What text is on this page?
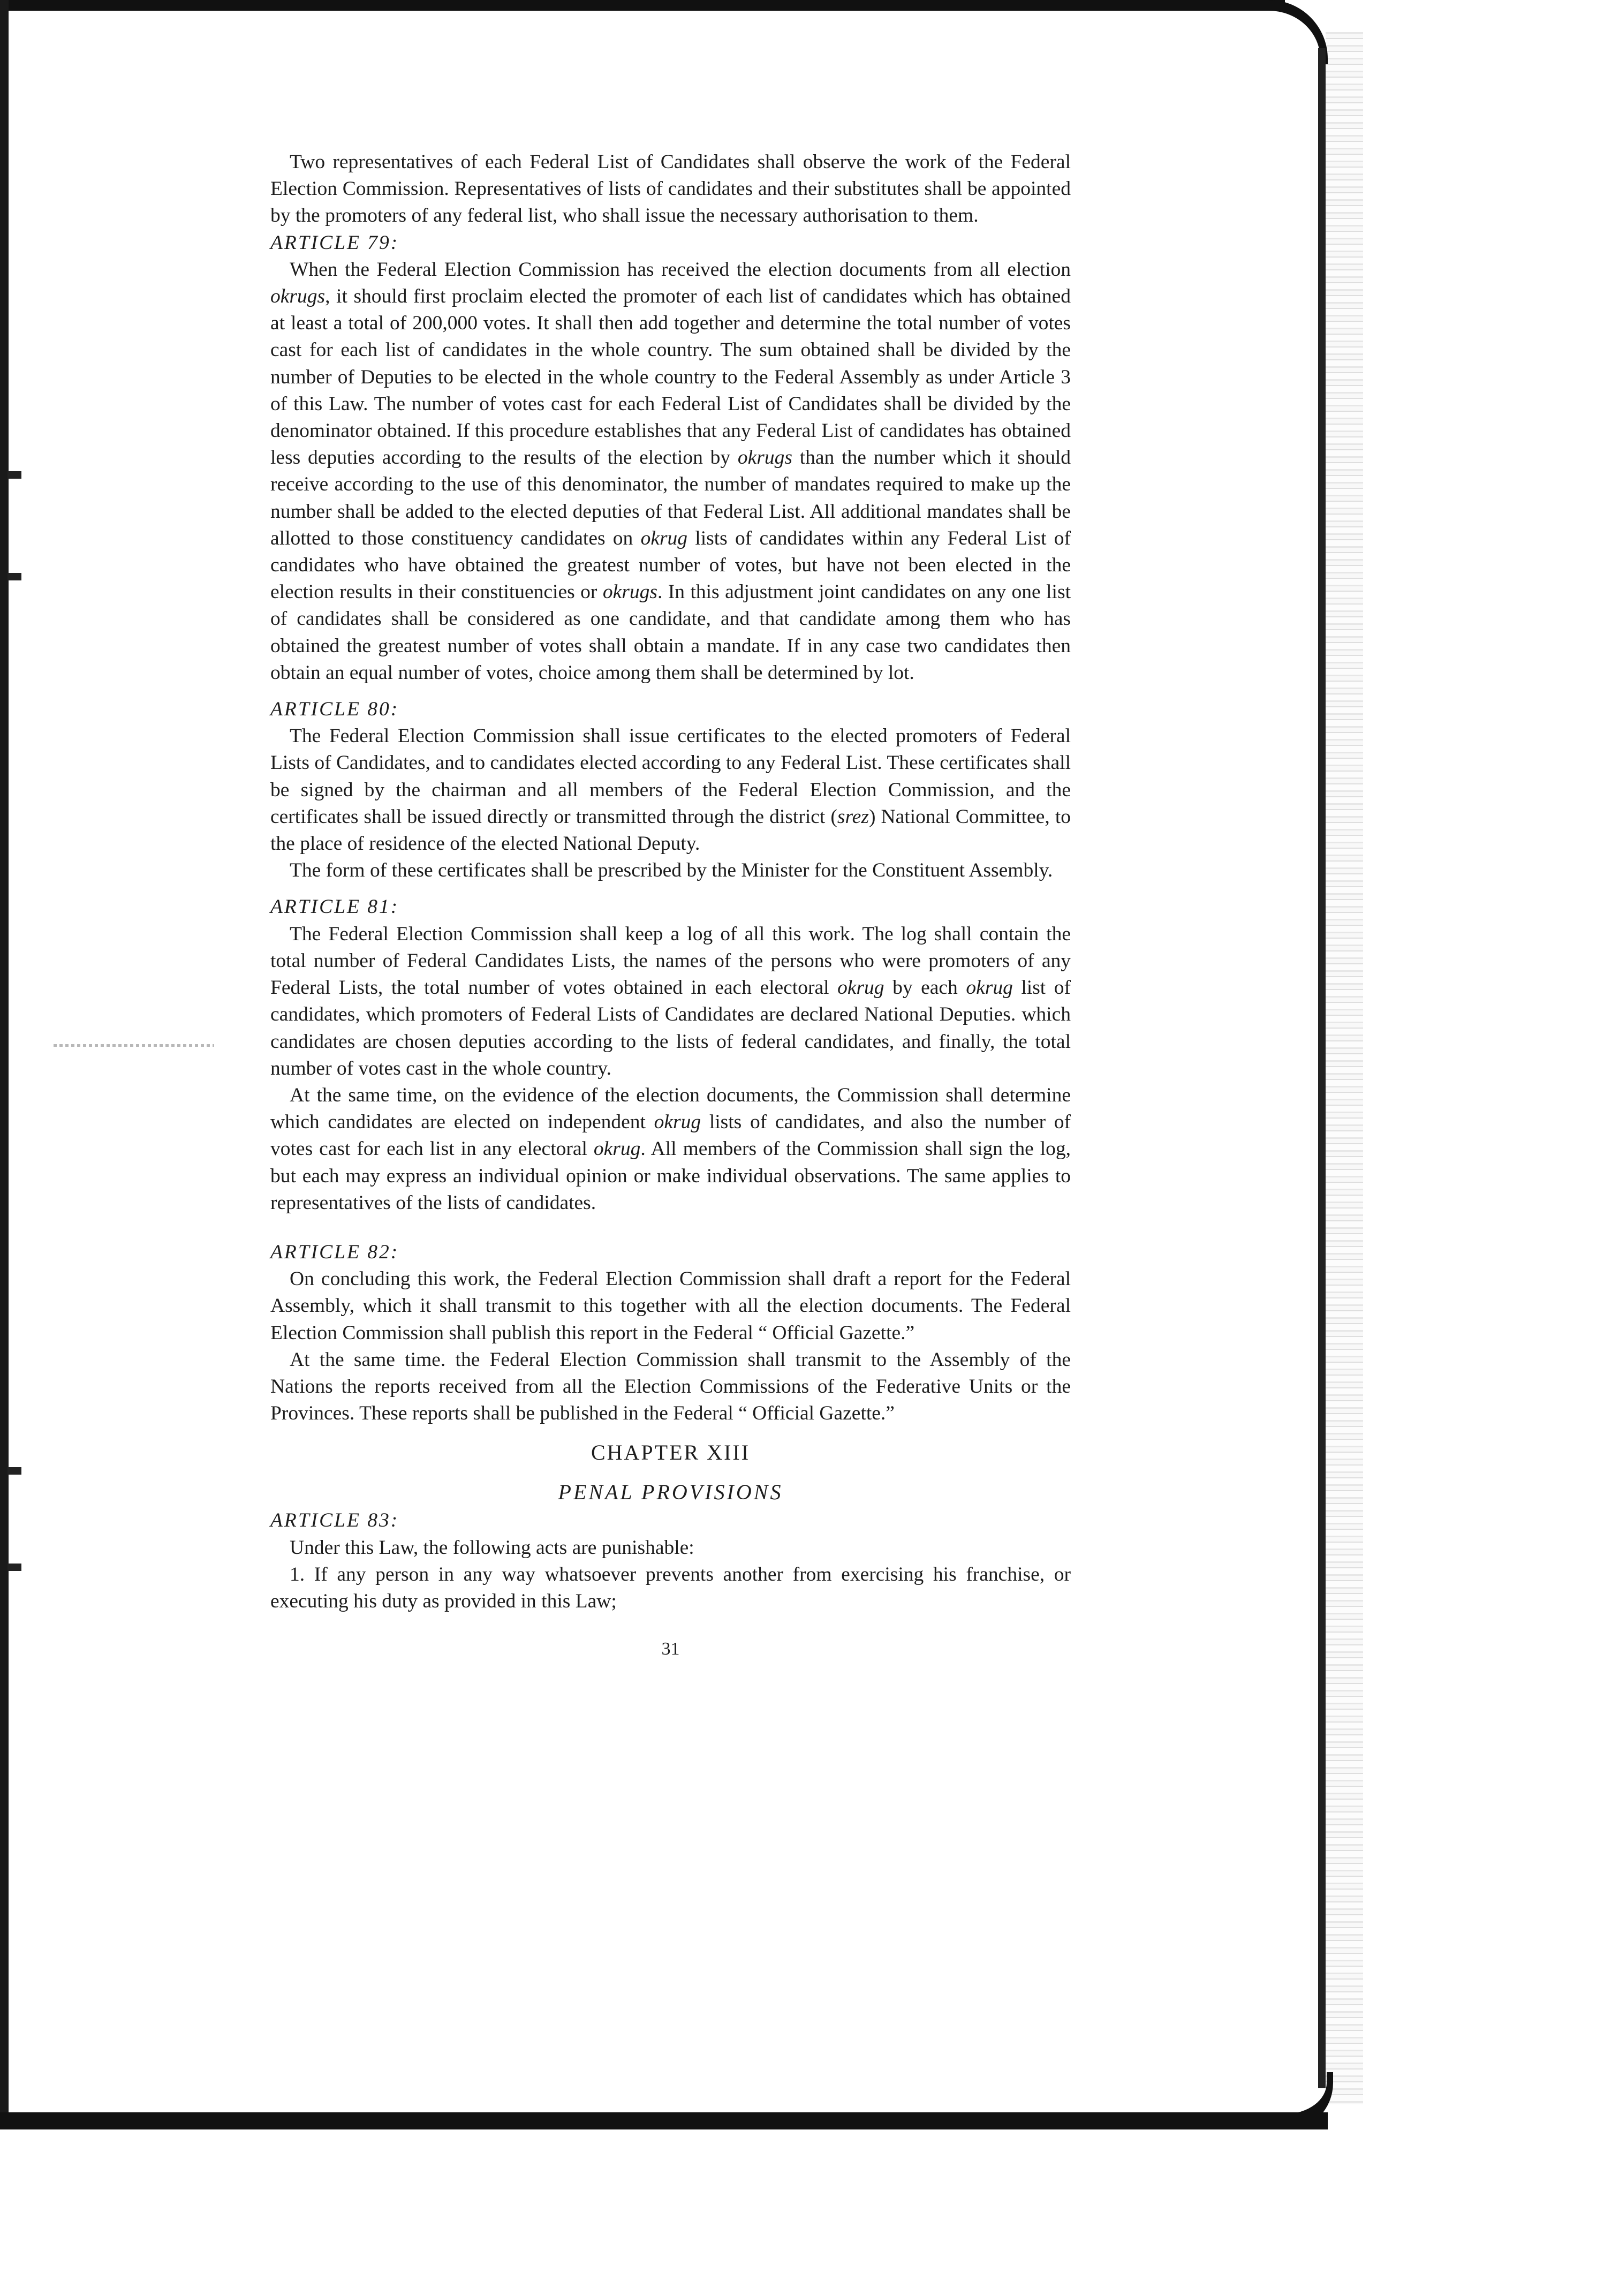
Two representatives of each Federal List of Candidates shall observe the work of the Federal Election Commission. Representatives of lists of candidates and their substitutes shall be appointed by the promoters of any federal list, who shall issue the necessary authorisation to them.

ARTICLE 79:

When the Federal Election Commission has received the election documents from all election okrugs, it should first proclaim elected the promoter of each list of candidates which has obtained at least a total of 200,000 votes. It shall then add together and determine the total number of votes cast for each list of candidates in the whole country. The sum obtained shall be divided by the number of Deputies to be elected in the whole country to the Federal Assembly as under Article 3 of this Law. The number of votes cast for each Federal List of Candidates shall be divided by the denominator obtained. If this procedure establishes that any Federal List of candidates has obtained less deputies according to the results of the election by okrugs than the number which it should receive according to the use of this denominator, the number of mandates required to make up the number shall be added to the elected deputies of that Federal List. All additional mandates shall be allotted to those constituency candidates on okrug lists of candidates within any Federal List of candidates who have obtained the greatest number of votes, but have not been elected in the election results in their constituencies or okrugs. In this adjustment joint candidates on any one list of candidates shall be considered as one candidate, and that candidate among them who has obtained the greatest number of votes shall obtain a mandate. If in any case two candidates then obtain an equal number of votes, choice among them shall be determined by lot.

ARTICLE 80:

The Federal Election Commission shall issue certificates to the elected promoters of Federal Lists of Candidates, and to candidates elected according to any Federal List. These certificates shall be signed by the chairman and all members of the Federal Election Commission, and the certificates shall be issued directly or transmitted through the district (srez) National Committee, to the place of residence of the elected National Deputy.

The form of these certificates shall be prescribed by the Minister for the Constituent Assembly.

ARTICLE 81:

The Federal Election Commission shall keep a log of all this work. The log shall contain the total number of Federal Candidates Lists, the names of the persons who were promoters of any Federal Lists, the total number of votes obtained in each electoral okrug by each okrug list of candidates, which promoters of Federal Lists of Candidates are declared National Deputies. which candidates are chosen deputies according to the lists of federal candidates, and finally, the total number of votes cast in the whole country.

At the same time, on the evidence of the election documents, the Commission shall determine which candidates are elected on independent okrug lists of candidates, and also the number of votes cast for each list in any electoral okrug. All members of the Commission shall sign the log, but each may express an individual opinion or make individual observations. The same applies to representatives of the lists of candidates.

ARTICLE 82:

On concluding this work, the Federal Election Commission shall draft a report for the Federal Assembly, which it shall transmit to this together with all the election documents. The Federal Election Commission shall publish this report in the Federal “ Official Gazette.”

At the same time. the Federal Election Commission shall transmit to the Assembly of the Nations the reports received from all the Election Commissions of the Federative Units or the Provinces. These reports shall be published in the Federal “ Official Gazette.”

CHAPTER XIII
PENAL PROVISIONS
ARTICLE 83:

Under this Law, the following acts are punishable:

1. If any person in any way whatsoever prevents another from exercising his franchise, or executing his duty as provided in this Law;

31
